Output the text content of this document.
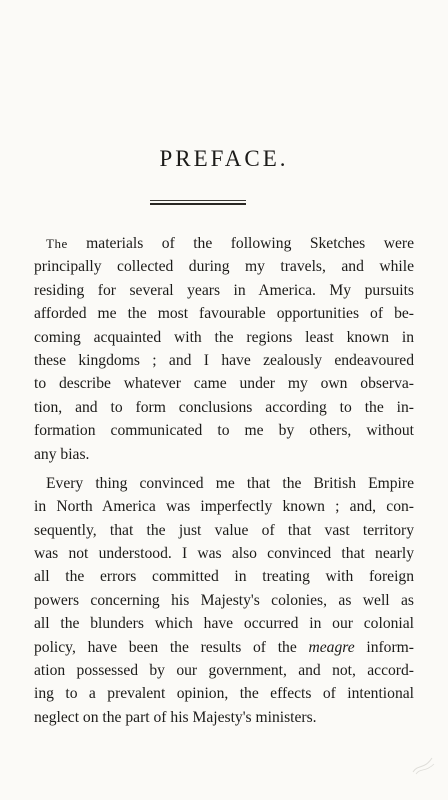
PREFACE.
The materials of the following Sketches were
principally collected during my travels, and while
residing for several years in America. My pursuits
afforded me the most favourable opportunities of be-
coming acquainted with the regions least known in
these kingdoms ; and I have zealously endeavoured
to describe whatever came under my own observa-
tion, and to form conclusions according to the in-
formation communicated to me by others, without
any bias.
Every thing convinced me that the British Empire
in North America was imperfectly known ; and, con-
sequently, that the just value of that vast territory
was not understood. I was also convinced that nearly
all the errors committed in treating with foreign
powers concerning his Majesty's colonies, as well as
all the blunders which have occurred in our colonial
policy, have been the results of the meagre inform-
ation possessed by our government, and not, accord-
ing to a prevalent opinion, the effects of intentional
neglect on the part of his Majesty's ministers.
